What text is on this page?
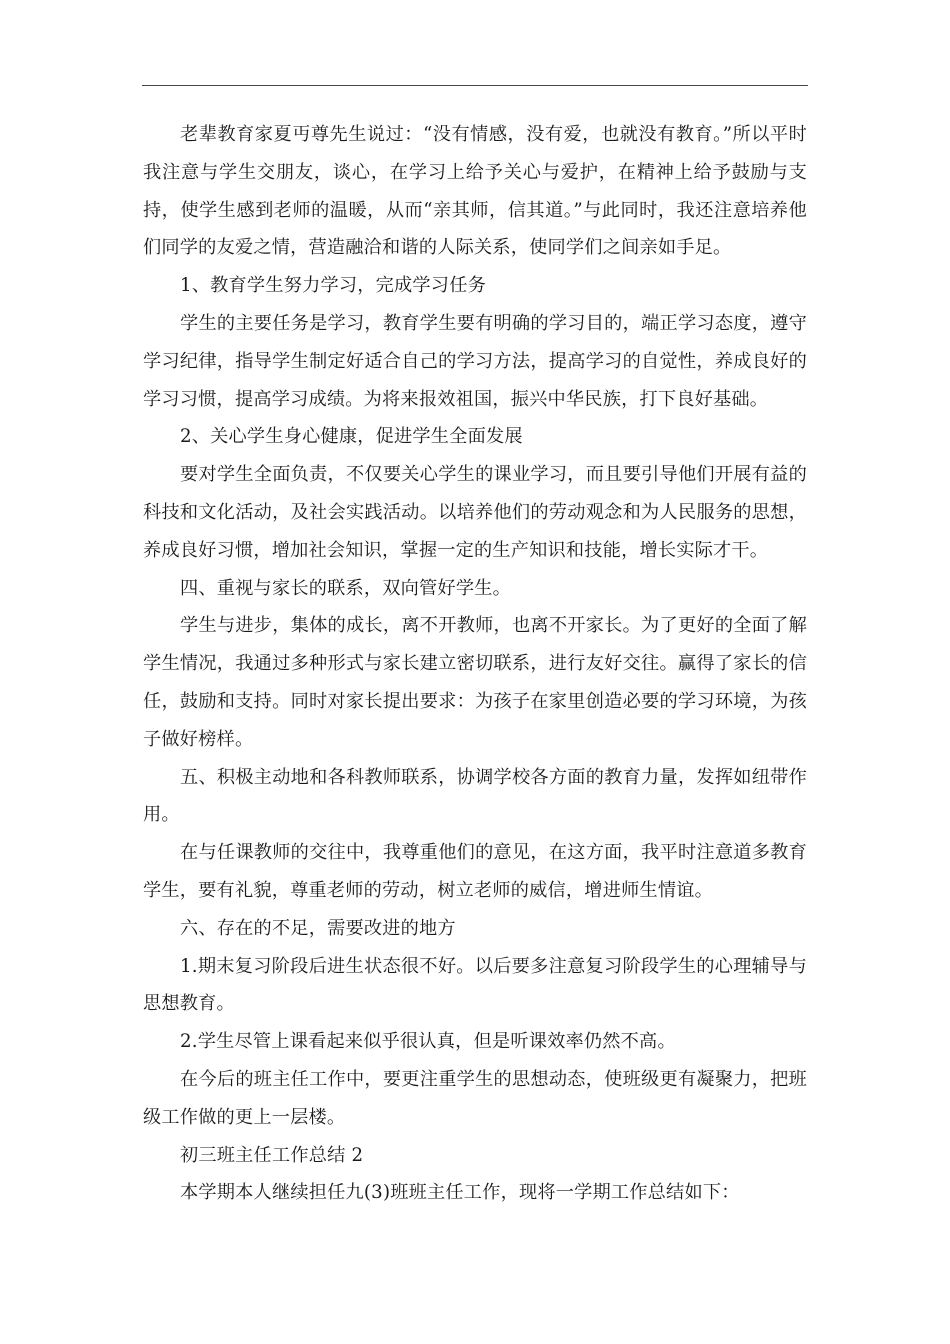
老辈教育家夏丏尊先生说过：“没有情感，没有爱，也就没有教育。”所以平时我注意与学生交朋友，谈心，在学习上给予关心与爱护，在精神上给予鼓励与支持，使学生感到老师的温暖，从而“亲其师，信其道。”与此同时，我还注意培养他们同学的友爱之情，营造融洽和谐的人际关系，使同学们之间亲如手足。

1、教育学生努力学习，完成学习任务

学生的主要任务是学习，教育学生要有明确的学习目的，端正学习态度，遵守学习纪律，指导学生制定好适合自己的学习方法，提高学习的自觉性，养成良好的学习习惯，提高学习成绩。为将来报效祖国，振兴中华民族，打下良好基础。

2、关心学生身心健康，促进学生全面发展

要对学生全面负责，不仅要关心学生的课业学习，而且要引导他们开展有益的科技和文化活动，及社会实践活动。以培养他们的劳动观念和为人民服务的思想，养成良好习惯，增加社会知识，掌握一定的生产知识和技能，增长实际才干。

四、重视与家长的联系，双向管好学生。

学生与进步，集体的成长，离不开教师，也离不开家长。为了更好的全面了解学生情况，我通过多种形式与家长建立密切联系，进行友好交往。赢得了家长的信任，鼓励和支持。同时对家长提出要求：为孩子在家里创造必要的学习环境，为孩子做好榜样。

五、积极主动地和各科教师联系，协调学校各方面的教育力量，发挥如纽带作用。

在与任课教师的交往中，我尊重他们的意见，在这方面，我平时注意道多教育学生，要有礼貌，尊重老师的劳动，树立老师的威信，增进师生情谊。

六、存在的不足，需要改进的地方

1.期末复习阶段后进生状态很不好。以后要多注意复习阶段学生的心理辅导与思想教育。

2.学生尽管上课看起来似乎很认真，但是听课效率仍然不高。

在今后的班主任工作中，要更注重学生的思想动态，使班级更有凝聚力，把班级工作做的更上一层楼。

初三班主任工作总结 2

本学期本人继续担任九(3)班班主任工作，现将一学期工作总结如下：
